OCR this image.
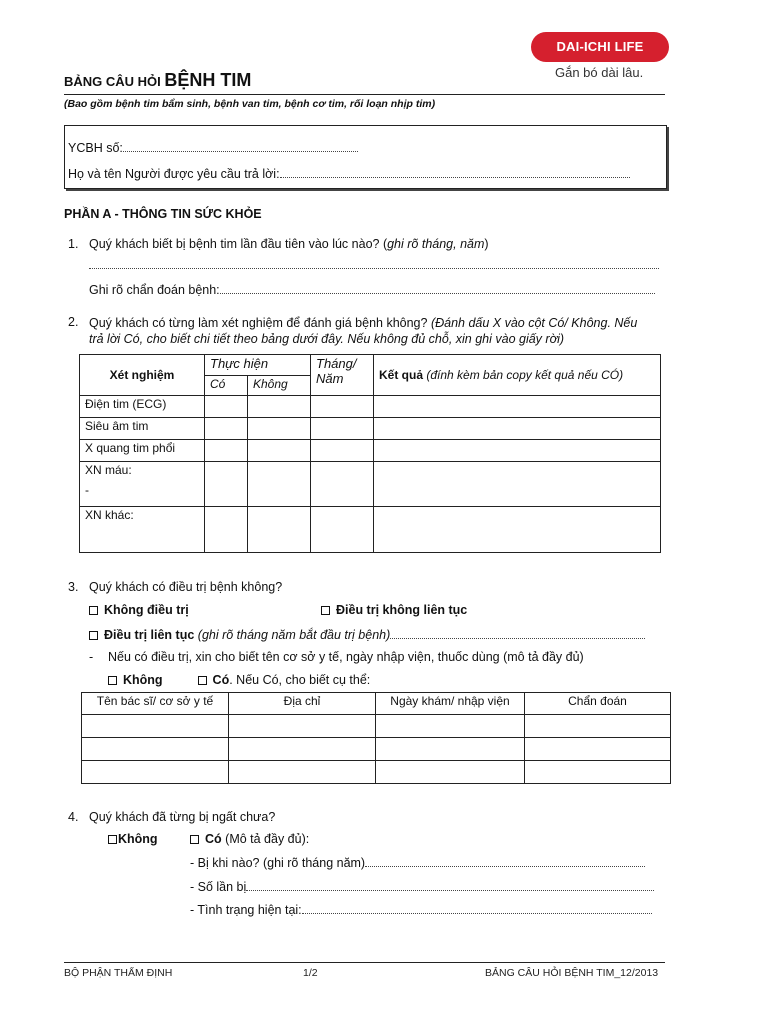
DAI-ICHI LIFE
Gắn bó dài lâu.
BẢNG CÂU HỎI BỆNH TIM
(Bao gồm bệnh tim bẩm sinh, bệnh van tim, bệnh cơ tim, rối loạn nhịp tim)
YCBH số:
Họ và tên Người được yêu cầu trả lời:
PHẦN A - THÔNG TIN SỨC KHỎE
1. Quý khách biết bị bệnh tim lần đầu tiên vào lúc nào? (ghi rõ tháng, năm)
Ghi rõ chẩn đoán bệnh:
2. Quý khách có từng làm xét nghiệm để đánh giá bệnh không? (Đánh dấu X vào cột Có/ Không. Nếu
trả lời Có, cho biết chi tiết theo bảng dưới đây. Nếu không đủ chỗ, xin ghi vào giấy rời)
Xét nghiệm	Thực hiện		Tháng/ Năm	Kết quả (đính kèm bản copy kết quả nếu CÓ)
	Có	Không		
Điện tim (ECG)				
Siêu âm tim				
X quang tim phổi				

XN máu:
-				

XN khác:				
3. Quý khách có điều trị bệnh không?
Không điều trị	Điều trị không liên tục
Điều trị liên tục (ghi rõ tháng năm bắt đầu trị bệnh)
- Nếu có điều trị, xin cho biết tên cơ sở y tế, ngày nhập viện, thuốc dùng (mô tả đầy đủ)
Không	Có. Nếu Có, cho biết cụ thể:
Tên bác sĩ/ cơ sở y tế	Địa chỉ	Ngày khám/ nhập viện	Chẩn đoán

4. Quý khách đã từng bị ngất chưa?
Không	Có (Mô tả đầy đủ):
- Bị khi nào? (ghi rõ tháng năm)
- Số lần bị
- Tình trạng hiện tại:
BỘ PHẬN THẨM ĐỊNH	1/2	BẢNG CÂU HỎI BỆNH TIM_12/2013
